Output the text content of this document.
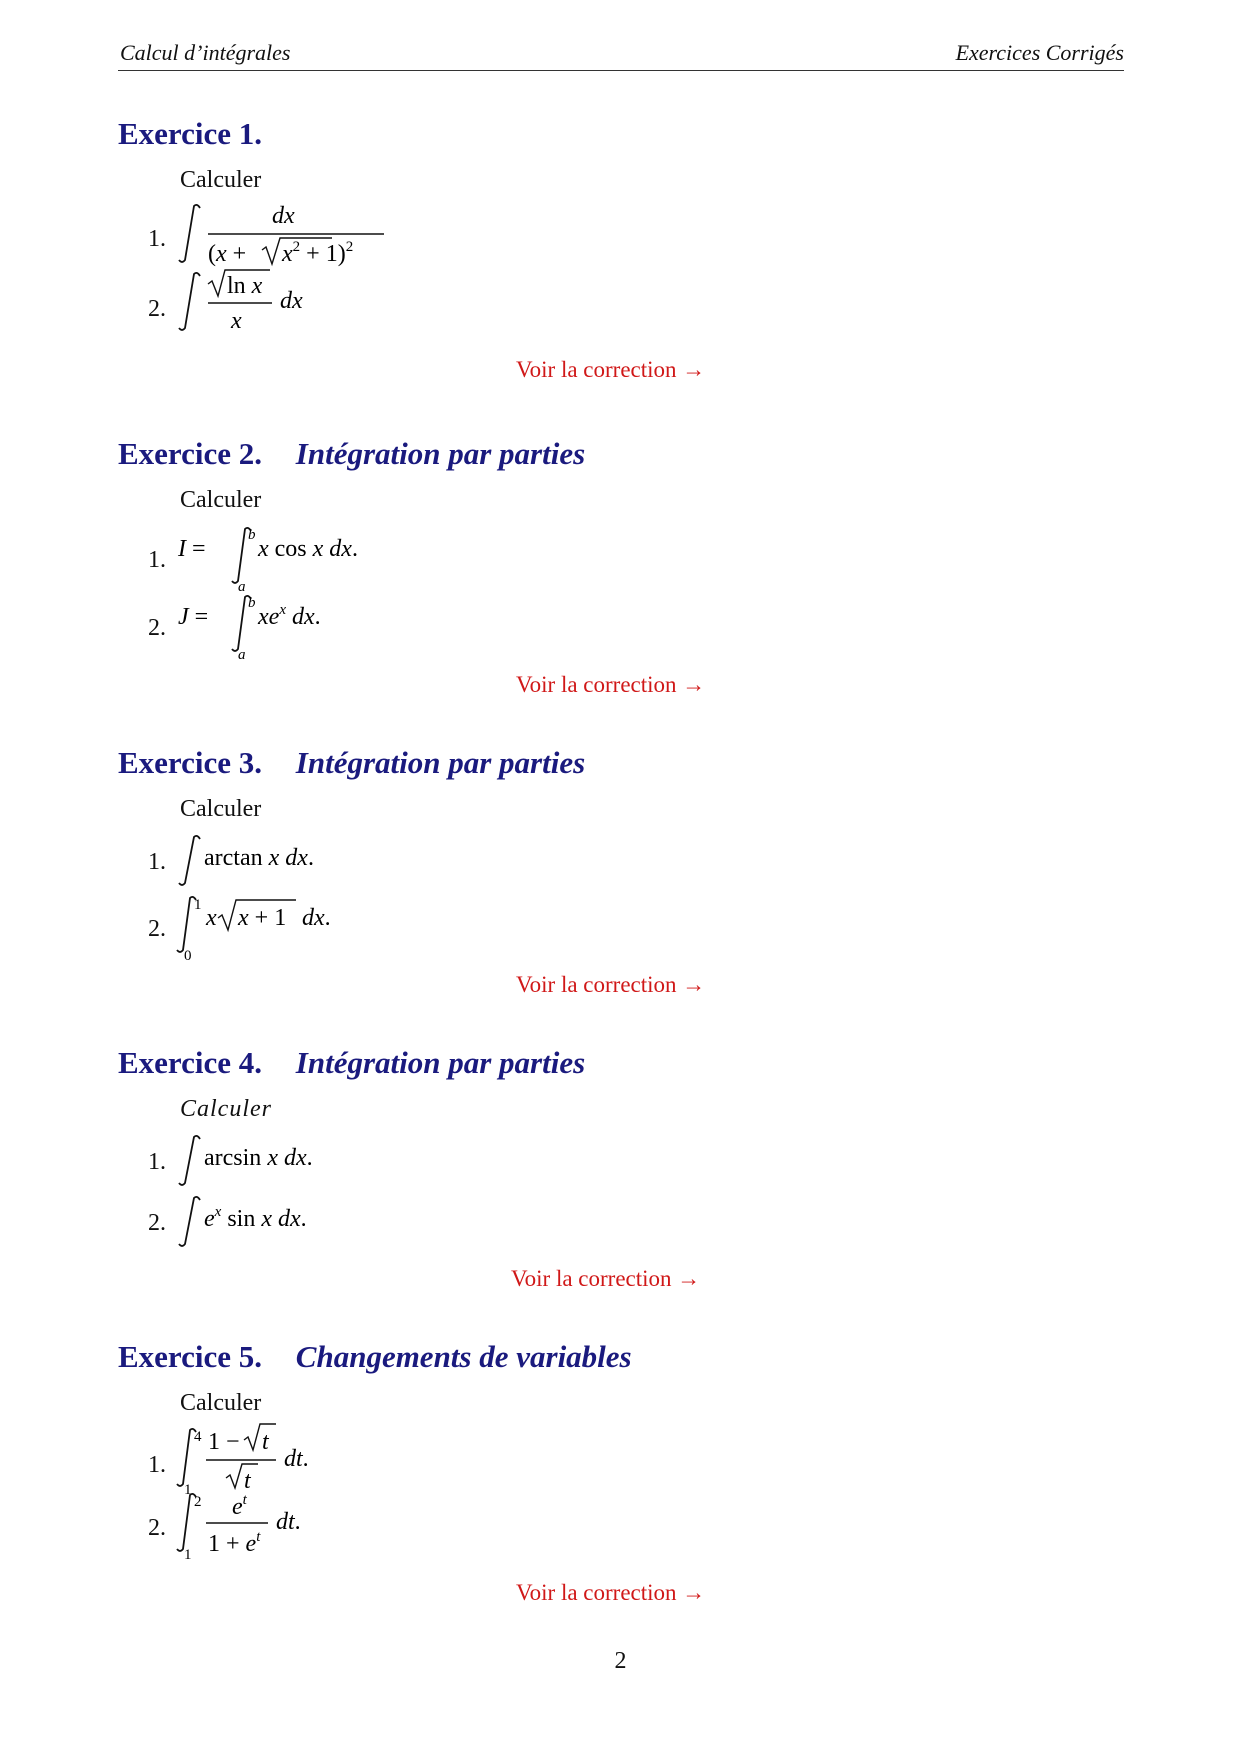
Calcul d’intégrales	Exercices Corrigés
Exercice 1.
Calculer
1.
dx
$(x + x^2 + 1)^2$
2.
ln x
x
dx
Voir la correction →
Exercice 2. Intégration par parties
Calculer
1. I =
b
a
x cos x dx.
2. J =
b
a
$xe^x$ dx.
Voir la correction →
Exercice 3. Intégration par parties
Calculer
1. arctan x dx.
2.
1
0
x x + 1 dx.
Voir la correction →
Exercice 4. Intégration par parties
Calculer
1. arcsin x dx.
2. $e^x$ sin x dx.
Voir la correction →
Exercice 5. Changements de variables
Calculer
1.
4
1
1 − t
t
dt.
2.
2
1
$e^t$
$1 + e^t$
dt.
Voir la correction →
2
